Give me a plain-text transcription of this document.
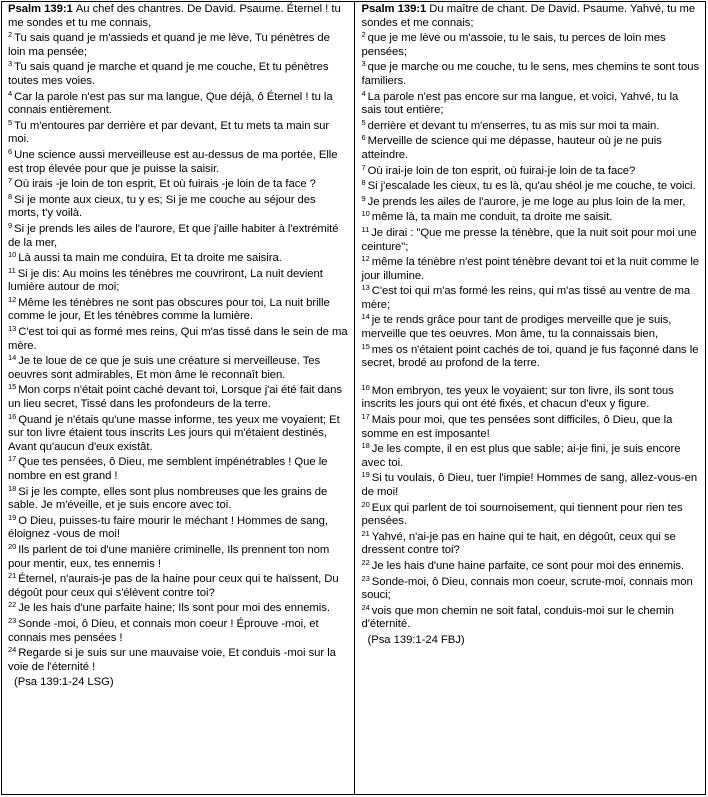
Psalm 139:1 Au chef des chantres. De David. Psaume. Éternel ! tu me sondes et tu me connais,
$^2$ Tu sais quand je m'assieds et quand je me lève, Tu pénètres de loin ma pensée;
$^3$ Tu sais quand je marche et quand je me couche, Et tu pénètres toutes mes voies.
$^4$ Car la parole n'est pas sur ma langue, Que déjà, ô Éternel ! tu la connais entièrement.
$^5$ Tu m'entoures par derrière et par devant, Et tu mets ta main sur moi.
$^6$ Une science aussi merveilleuse est au-dessus de ma portée, Elle est trop élevée pour que je puisse la saisir.
$^7$ Où irais -je loin de ton esprit, Et où fuirais -je loin de ta face ?
$^8$ Si je monte aux cieux, tu y es; Si je me couche au séjour des morts, t'y voilà.
$^9$ Si je prends les ailes de l'aurore, Et que j'aille habiter à l'extrémité de la mer,
$^{10}$ Là aussi ta main me conduira, Et ta droite me saisira.
$^{11}$ Si je dis: Au moins les ténèbres me couvriront, La nuit devient lumière autour de moi;
$^{12}$ Même les ténèbres ne sont pas obscures pour toi, La nuit brille comme le jour, Et les ténèbres comme la lumière.
$^{13}$ C'est toi qui as formé mes reins, Qui m'as tissé dans le sein de ma mère.
$^{14}$ Je te loue de ce que je suis une créature si merveilleuse. Tes oeuvres sont admirables, Et mon âme le reconnaît bien.
$^{15}$ Mon corps n'était point caché devant toi, Lorsque j'ai été fait dans un lieu secret, Tissé dans les profondeurs de la terre.
$^{16}$ Quand je n'étais qu'une masse informe, tes yeux me voyaient; Et sur ton livre étaient tous inscrits Les jours qui m'étaient destinés, Avant qu'aucun d'eux existât.
$^{17}$ Que tes pensées, ô Dieu, me semblent impénétrables ! Que le nombre en est grand !
$^{18}$ Si je les compte, elles sont plus nombreuses que les grains de sable. Je m'éveille, et je suis encore avec toi.
$^{19}$ O Dieu, puisses-tu faire mourir le méchant ! Hommes de sang, éloignez -vous de moi!
$^{20}$ Ils parlent de toi d'une manière criminelle, Ils prennent ton nom pour mentir, eux, tes ennemis !
$^{21}$ Éternel, n'aurais-je pas de la haine pour ceux qui te haïssent, Du dégoût pour ceux qui s'élèvent contre toi?
$^{22}$ Je les hais d'une parfaite haine; Ils sont pour moi des ennemis.
$^{23}$ Sonde -moi, ô Dieu, et connais mon coeur ! Éprouve -moi, et connais mes pensées !
$^{24}$ Regarde si je suis sur une mauvaise voie, Et conduis -moi sur la voie de l'éternité !
(Psa 139:1-24 LSG)
Psalm 139:1 Du maître de chant. De David. Psaume. Yahvé, tu me sondes et me connais;
$^2$ que je me lève ou m'assoie, tu le sais, tu perces de loin mes pensées;
$^3$ que je marche ou me couche, tu le sens, mes chemins te sont tous familiers.
$^4$ La parole n'est pas encore sur ma langue, et voici, Yahvé, tu la sais tout entière;
$^5$ derrière et devant tu m'enserres, tu as mis sur moi ta main.
$^6$ Merveille de science qui me dépasse, hauteur où je ne puis atteindre.
$^7$ Où irai-je loin de ton esprit, où fuirai-je loin de ta face?
$^8$ Si j'escalade les cieux, tu es là, qu'au shéol je me couche, te voici.
$^9$ Je prends les ailes de l'aurore, je me loge au plus loin de la mer,
$^{10}$ même là, ta main me conduit, ta droite me saisit.
$^{11}$ Je dirai : "Que me presse la ténèbre, que la nuit soit pour moi une ceinture";
$^{12}$ même la ténèbre n'est point ténèbre devant toi et la nuit comme le jour illumine.
$^{13}$ C'est toi qui m'as formé les reins, qui m'as tissé au ventre de ma mère;
$^{14}$ je te rends grâce pour tant de prodiges merveille que je suis, merveille que tes oeuvres. Mon âme, tu la connaissais bien,
$^{15}$ mes os n'étaient point cachés de toi, quand je fus façonné dans le secret, brodé au profond de la terre.
$^{16}$ Mon embryon, tes yeux le voyaient; sur ton livre, ils sont tous inscrits les jours qui ont été fixés, et chacun d'eux y figure.
$^{17}$ Mais pour moi, que tes pensées sont difficiles, ô Dieu, que la somme en est imposante!
$^{18}$ Je les compte, il en est plus que sable; ai-je fini, je suis encore avec toi.
$^{19}$ Si tu voulais, ô Dieu, tuer l'impie! Hommes de sang, allez-vous-en de moi!
$^{20}$ Eux qui parlent de toi sournoisement, qui tiennent pour rien tes pensées.
$^{21}$ Yahvé, n'ai-je pas en haine qui te hait, en dégoût, ceux qui se dressent contre toi?
$^{22}$ Je les hais d'une haine parfaite, ce sont pour moi des ennemis.
$^{23}$ Sonde-moi, ô Dieu, connais mon coeur, scrute-moi, connais mon souci;
$^{24}$ vois que mon chemin ne soit fatal, conduis-moi sur le chemin d'éternité.
(Psa 139:1-24 FBJ)
